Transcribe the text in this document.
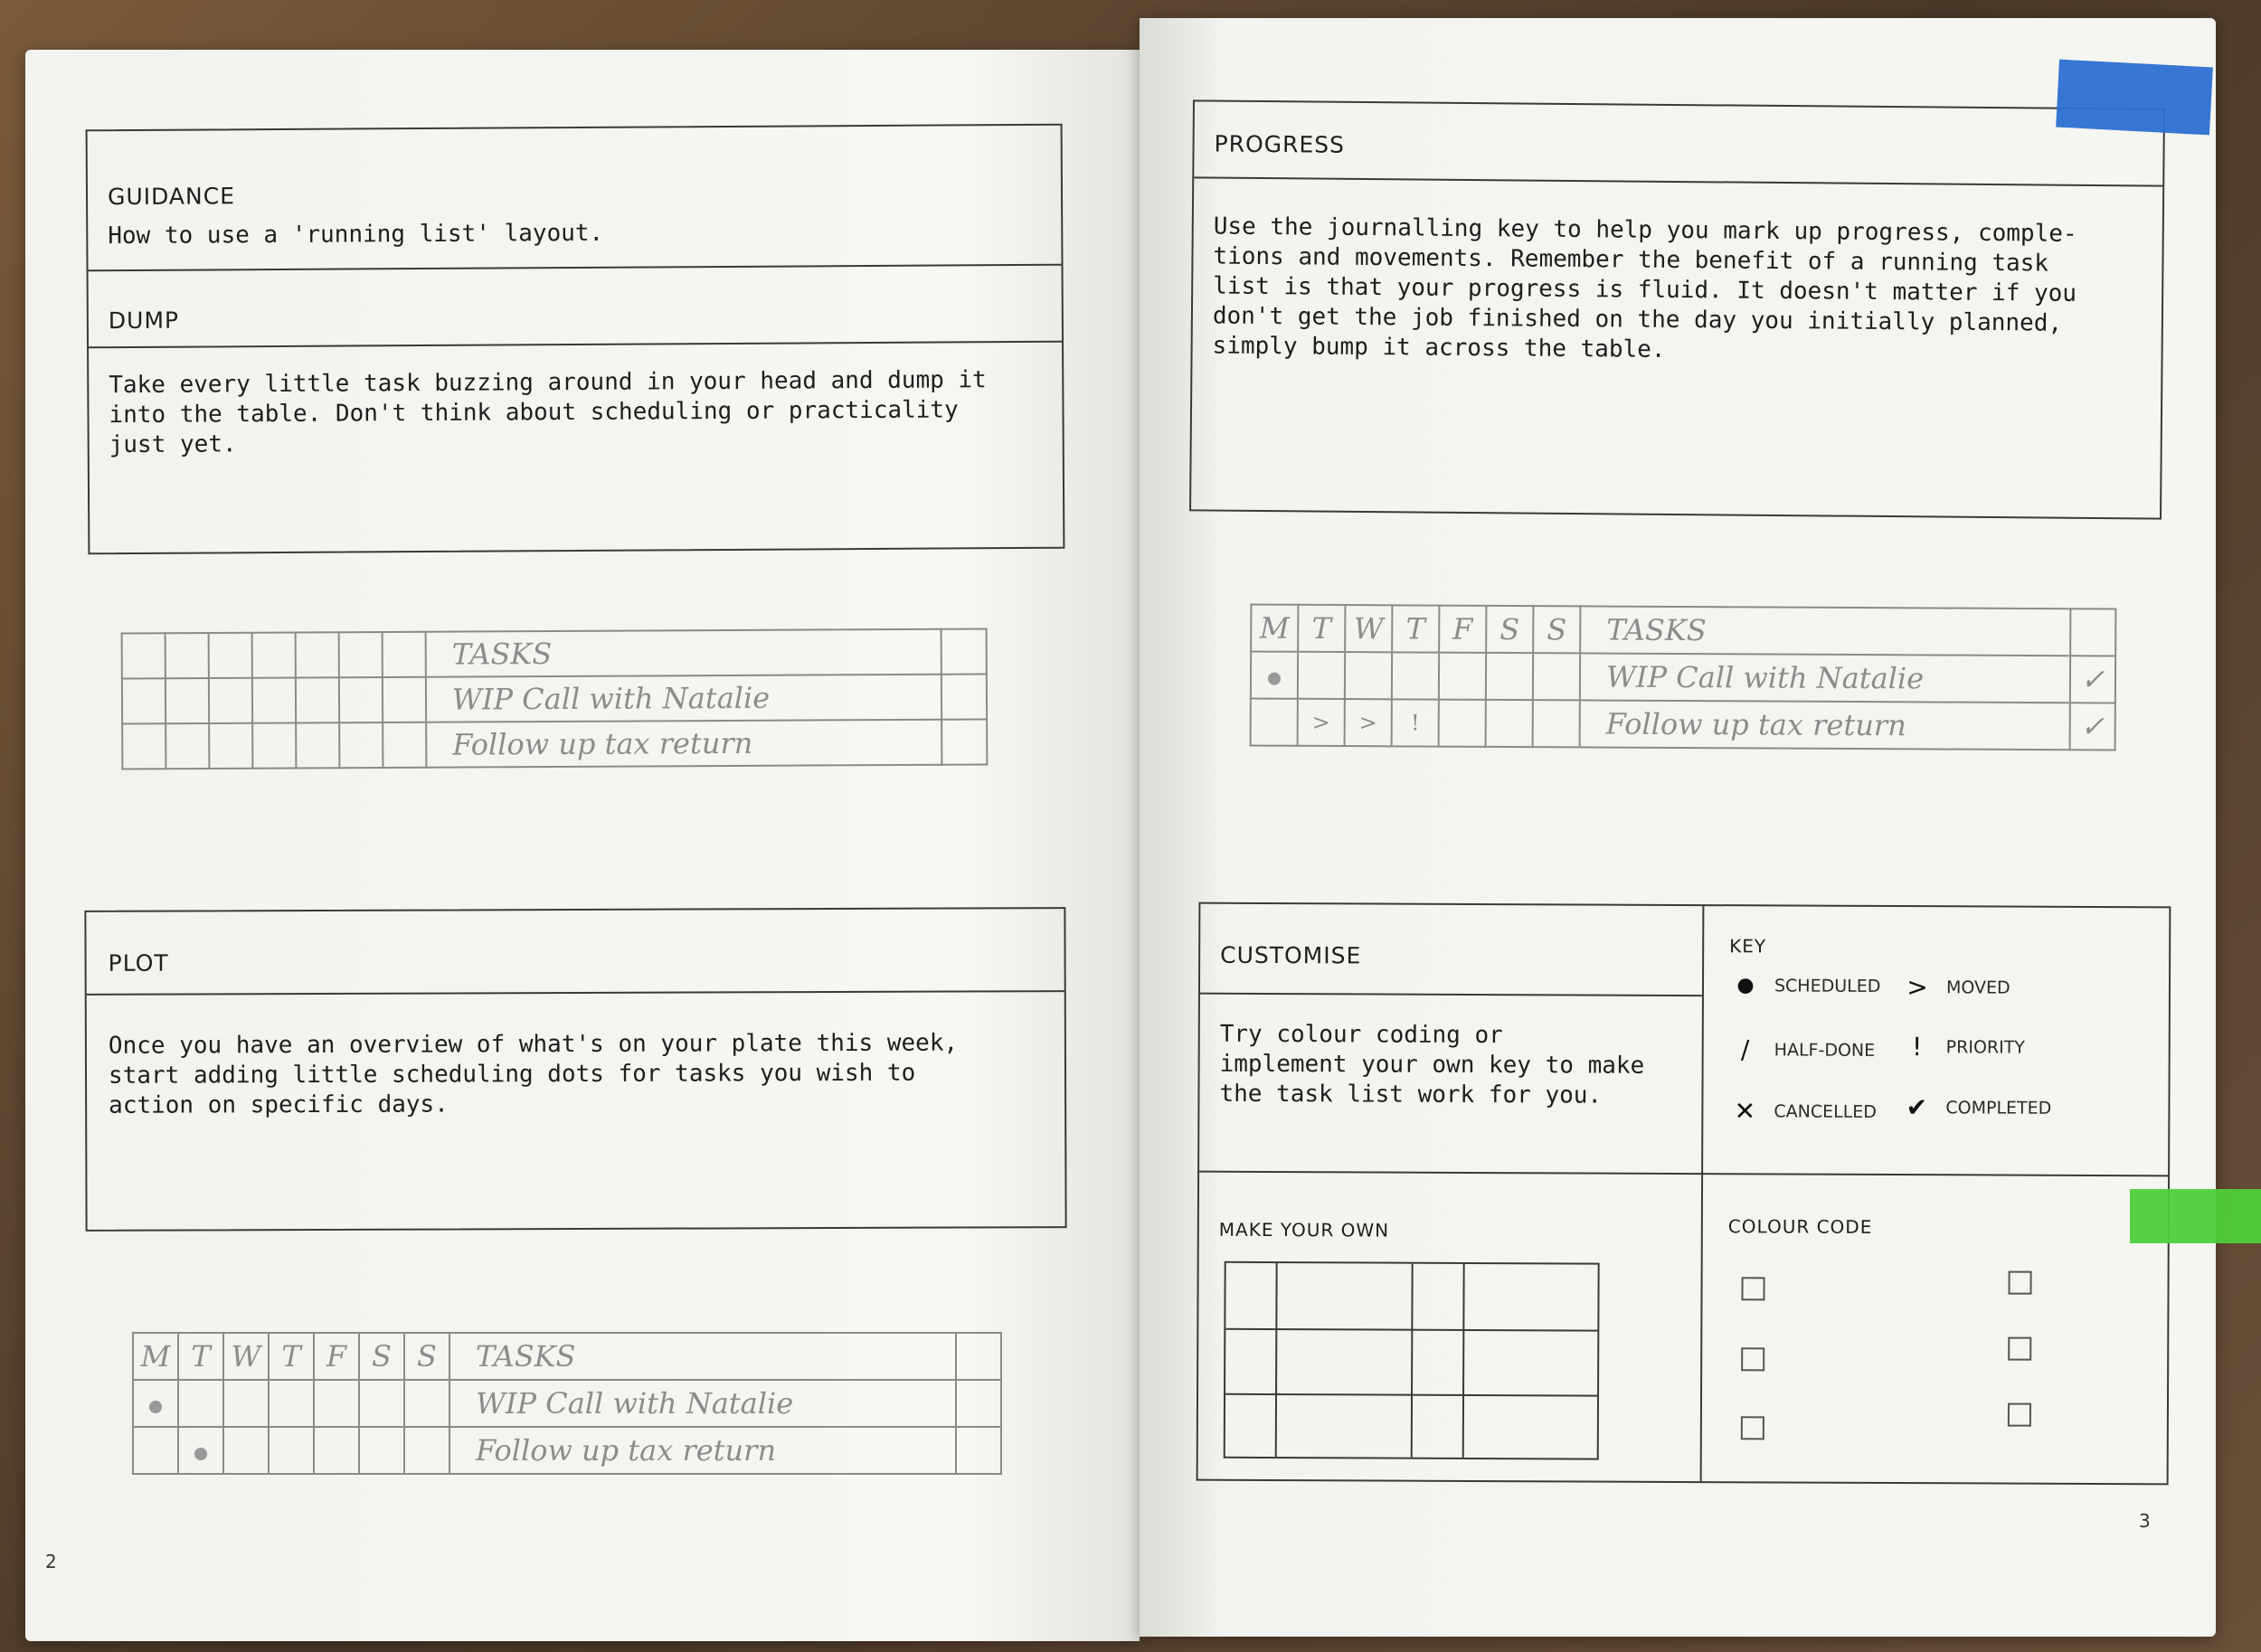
GUIDANCE
How to use a 'running list' layout.
DUMP
Take every little task buzzing around in your head and dump it
into the table. Don't think about scheduling or practicality
just yet.
							TASKS	
							WIP Call with Natalie	
							Follow up tax return	
PLOT
Once you have an overview of what's on your plate this week,
start adding little scheduling dots for tasks you wish to
action on specific days.
M	T	W	T	F	S	S	TASKS	
							WIP Call with Natalie	
							Follow up tax return	
2
PROGRESS
Use the journalling key to help you mark up progress, comple-
tions and movements. Remember the benefit of a running task
list is that your progress is fluid. It doesn't matter if you
don't get the job finished on the day you initially planned,
simply bump it across the table.
M	T	W	T	F	S	S	TASKS	
							WIP Call with Natalie	✓
	>	>	!				Follow up tax return	✓
CUSTOMISE
Try colour coding or
implement your own key to make
the task list work for you.
KEY
●	SCHEDULED >	MOVED
/	HALF-DONE	!	PRIORITY
✕	CANCELLED ✔	COMPLETED
MAKE YOUR OWN	COLOUR CODE
3
